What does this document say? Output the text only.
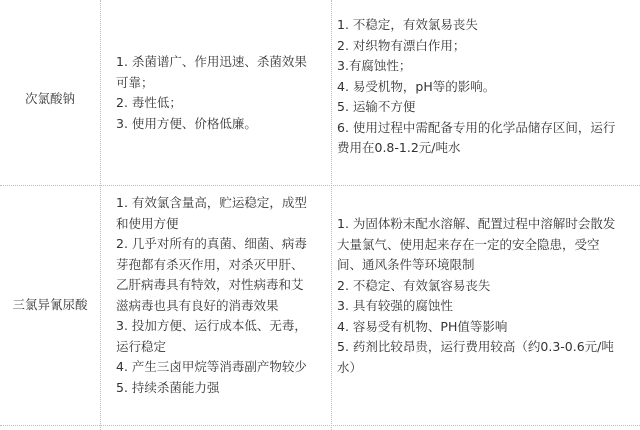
次氯酸钠
1. 杀菌谱广、作用迅速、杀菌效果
可靠；
2. 毒性低；
3. 使用方便、价格低廉。
1. 不稳定，有效氯易丧失
2. 对织物有漂白作用；
3.有腐蚀性；
4. 易受机物，pH等的影响。
5. 运输不方便
6. 使用过程中需配备专用的化学品储存区间，运行
费用在0.8-1.2元/吨水
三氯异氰尿酸
1. 有效氯含量高，贮运稳定，成型
和使用方便
2. 几乎对所有的真菌、细菌、病毒
芽孢都有杀灭作用，对杀灭甲肝、
乙肝病毒具有特效，对性病毒和艾
滋病毒也具有良好的消毒效果
3. 投加方便、运行成本低、无毒，
运行稳定
4. 产生三卤甲烷等消毒副产物较少
5. 持续杀菌能力强
1. 为固体粉末配水溶解、配置过程中溶解时会散发
大量氯气、使用起来存在一定的安全隐患，受空
间、通风条件等环境限制
2. 不稳定、有效氯容易丧失
3. 具有较强的腐蚀性
4. 容易受有机物、PH值等影响
5. 药剂比较昂贵，运行费用较高（约0.3-0.6元/吨
水）
